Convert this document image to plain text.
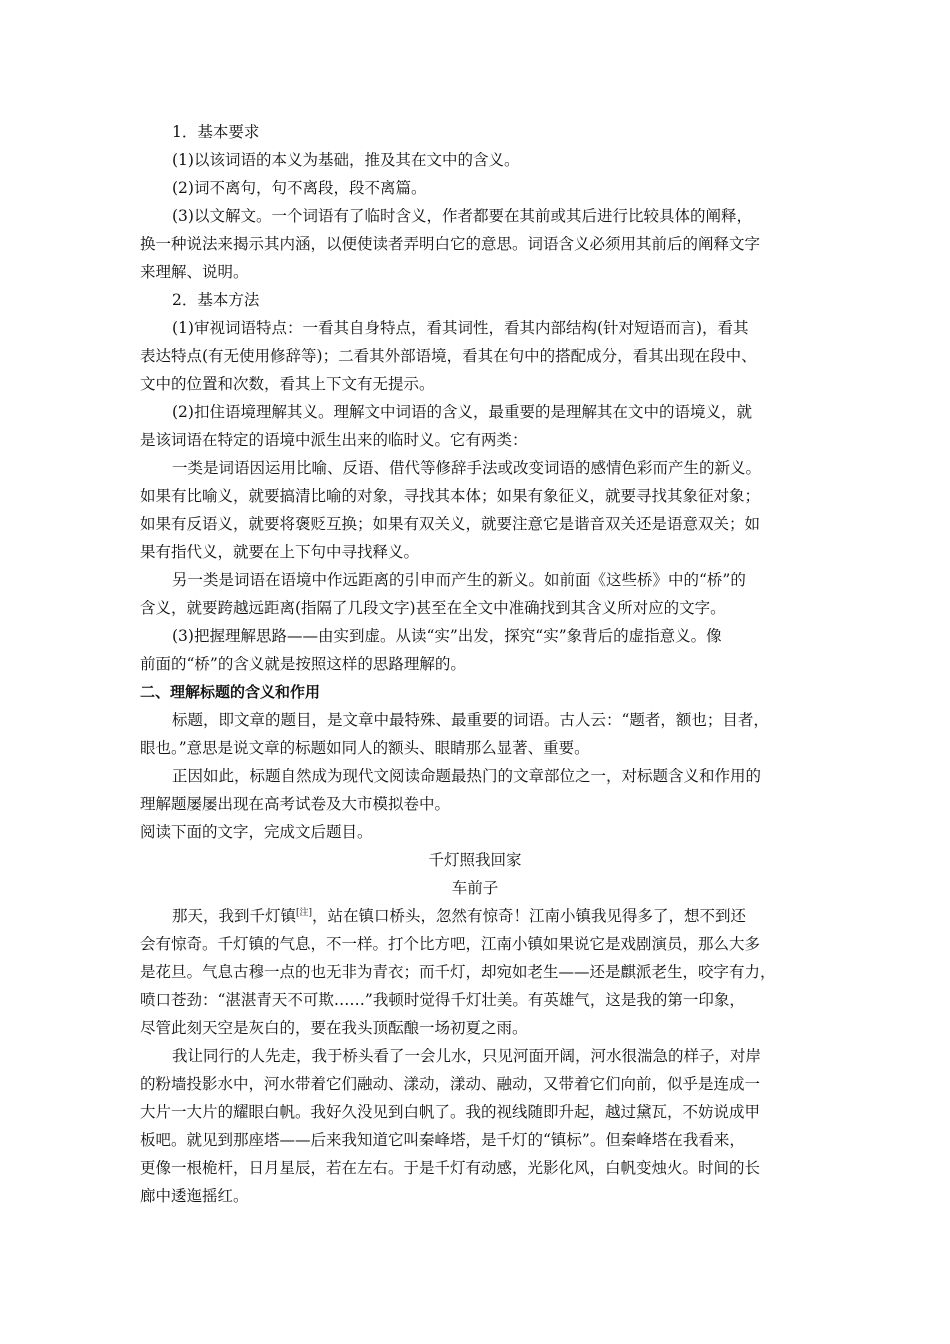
1．基本要求
(1)以该词语的本义为基础，推及其在文中的含义。
(2)词不离句，句不离段，段不离篇。
(3)以文解文。一个词语有了临时含义，作者都要在其前或其后进行比较具体的阐释，
换一种说法来揭示其内涵，以便使读者弄明白它的意思。词语含义必须用其前后的阐释文字
来理解、说明。
2．基本方法
(1)审视词语特点：一看其自身特点，看其词性，看其内部结构(针对短语而言)，看其
表达特点(有无使用修辞等)；二看其外部语境，看其在句中的搭配成分，看其出现在段中、
文中的位置和次数，看其上下文有无提示。
(2)扣住语境理解其义。理解文中词语的含义，最重要的是理解其在文中的语境义，就
是该词语在特定的语境中派生出来的临时义。它有两类：
一类是词语因运用比喻、反语、借代等修辞手法或改变词语的感情色彩而产生的新义。
如果有比喻义，就要搞清比喻的对象，寻找其本体；如果有象征义，就要寻找其象征对象；
如果有反语义，就要将褒贬互换；如果有双关义，就要注意它是谐音双关还是语意双关；如
果有指代义，就要在上下句中寻找释义。
另一类是词语在语境中作远距离的引申而产生的新义。如前面《这些桥》中的“桥”的
含义，就要跨越远距离(指隔了几段文字)甚至在全文中准确找到其含义所对应的文字。
(3)把握理解思路——由实到虚。从读“实”出发，探究“实”象背后的虚指意义。像
前面的“桥”的含义就是按照这样的思路理解的。
二、理解标题的含义和作用
标题，即文章的题目，是文章中最特殊、最重要的词语。古人云：“题者，额也；目者，
眼也。”意思是说文章的标题如同人的额头、眼睛那么显著、重要。
正因如此，标题自然成为现代文阅读命题最热门的文章部位之一，对标题含义和作用的
理解题屡屡出现在高考试卷及大市模拟卷中。
阅读下面的文字，完成文后题目。
千灯照我回家
车前子
那天，我到千灯镇[注]，站在镇口桥头，忽然有惊奇！江南小镇我见得多了，想不到还
会有惊奇。千灯镇的气息，不一样。打个比方吧，江南小镇如果说它是戏剧演员，那么大多
是花旦。气息古穆一点的也无非为青衣；而千灯，却宛如老生——还是麒派老生，咬字有力，
喷口苍劲：“湛湛青天不可欺……”我顿时觉得千灯壮美。有英雄气，这是我的第一印象，
尽管此刻天空是灰白的，要在我头顶酝酿一场初夏之雨。
我让同行的人先走，我于桥头看了一会儿水，只见河面开阔，河水很湍急的样子，对岸
的粉墙投影水中，河水带着它们融动、漾动，漾动、融动，又带着它们向前，似乎是连成一
大片一大片的耀眼白帆。我好久没见到白帆了。我的视线随即升起，越过黛瓦，不妨说成甲
板吧。就见到那座塔——后来我知道它叫秦峰塔，是千灯的“镇标”。但秦峰塔在我看来，
更像一根桅杆，日月星辰，若在左右。于是千灯有动感，光影化风，白帆变烛火。时间的长
廊中逶迤摇红。
